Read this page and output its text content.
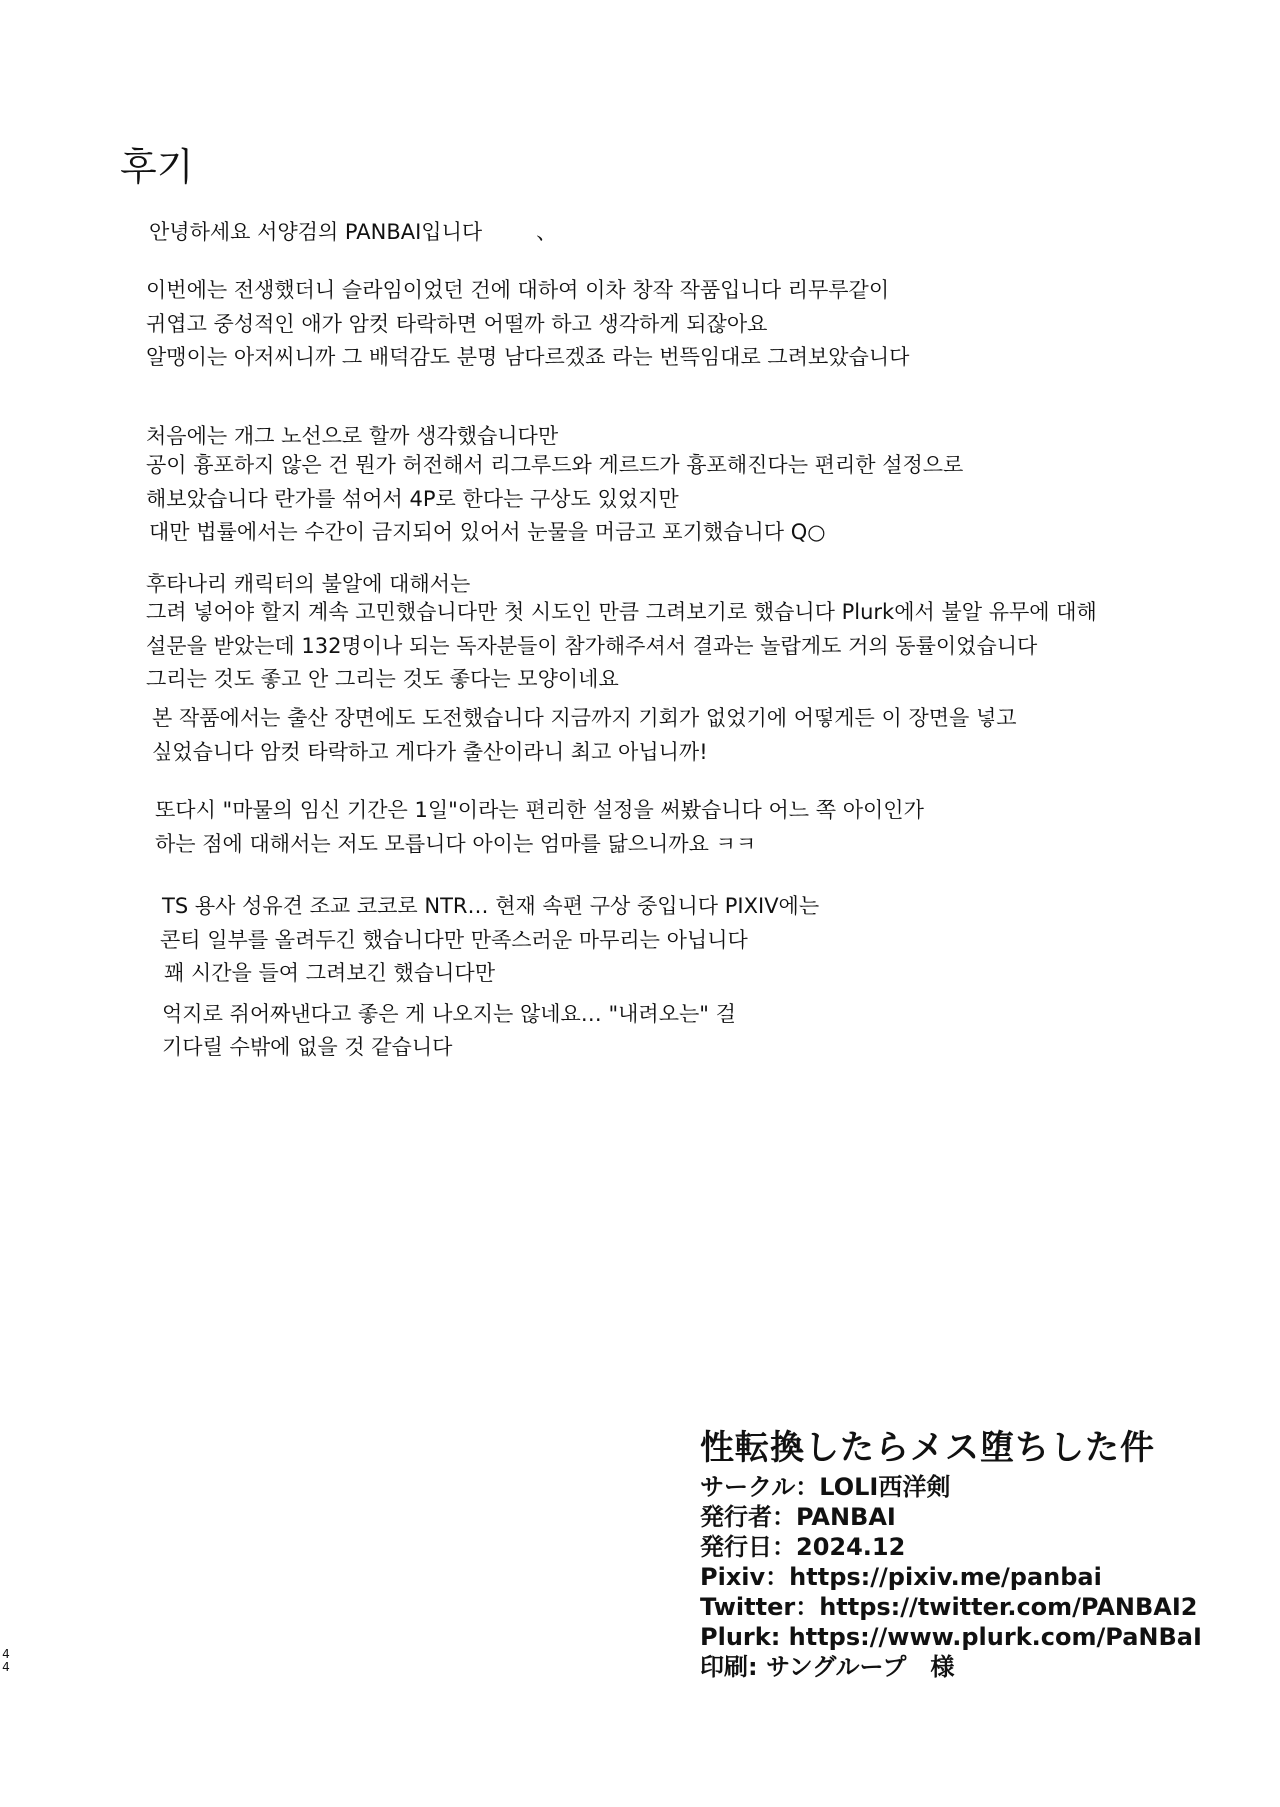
후기
안녕하세요 서양검의 PANBAI입니다 ㅤ ㅤ、
이번에는 전생했더니 슬라임이었던 건에 대하여 이차 창작 작품입니다 리무루같이
귀엽고 중성적인 애가 암컷 타락하면 어떨까 하고 생각하게 되잖아요
알맹이는 아저씨니까 그 배덕감도 분명 남다르겠죠 라는 번뜩임대로 그려보았습니다
처음에는 개그 노선으로 할까 생각했습니다만
공이 흉포하지 않은 건 뭔가 허전해서 리그루드와 게르드가 흉포해진다는 편리한 설정으로
해보았습니다 란가를 섞어서 4P로 한다는 구상도 있었지만
대만 법률에서는 수간이 금지되어 있어서 눈물을 머금고 포기했습니다 Q○
후타나리 캐릭터의 불알에 대해서는
그려 넣어야 할지 계속 고민했습니다만 첫 시도인 만큼 그려보기로 했습니다 Plurk에서 불알 유무에 대해
설문을 받았는데 132명이나 되는 독자분들이 참가해주셔서 결과는 놀랍게도 거의 동률이었습니다
그리는 것도 좋고 안 그리는 것도 좋다는 모양이네요
본 작품에서는 출산 장면에도 도전했습니다 지금까지 기회가 없었기에 어떻게든 이 장면을 넣고
싶었습니다 암컷 타락하고 게다가 출산이라니 최고 아닙니까!
또다시 "마물의 임신 기간은 1일"이라는 편리한 설정을 써봤습니다 어느 쪽 아이인가
하는 점에 대해서는 저도 모릅니다 아이는 엄마를 닮으니까요 ㅋㅋ
TS 용사 성유견 조교 코코로 NTR… 현재 속편 구상 중입니다 PIXIV에는
콘티 일부를 올려두긴 했습니다만 만족스러운 마무리는 아닙니다
꽤 시간을 들여 그려보긴 했습니다만
억지로 쥐어짜낸다고 좋은 게 나오지는 않네요… "내려오는" 걸
기다릴 수밖에 없을 것 같습니다
性転換したらメス堕ちした件
サークル：LOLI西洋剣
発行者：PANBAI
発行日：2024.12
Pixiv：https://pixiv.me/panbai
Twitter：https://twitter.com/PANBAI2
Plurk: https://www.plurk.com/PaNBaI
印刷: サングループ　様
4
4
